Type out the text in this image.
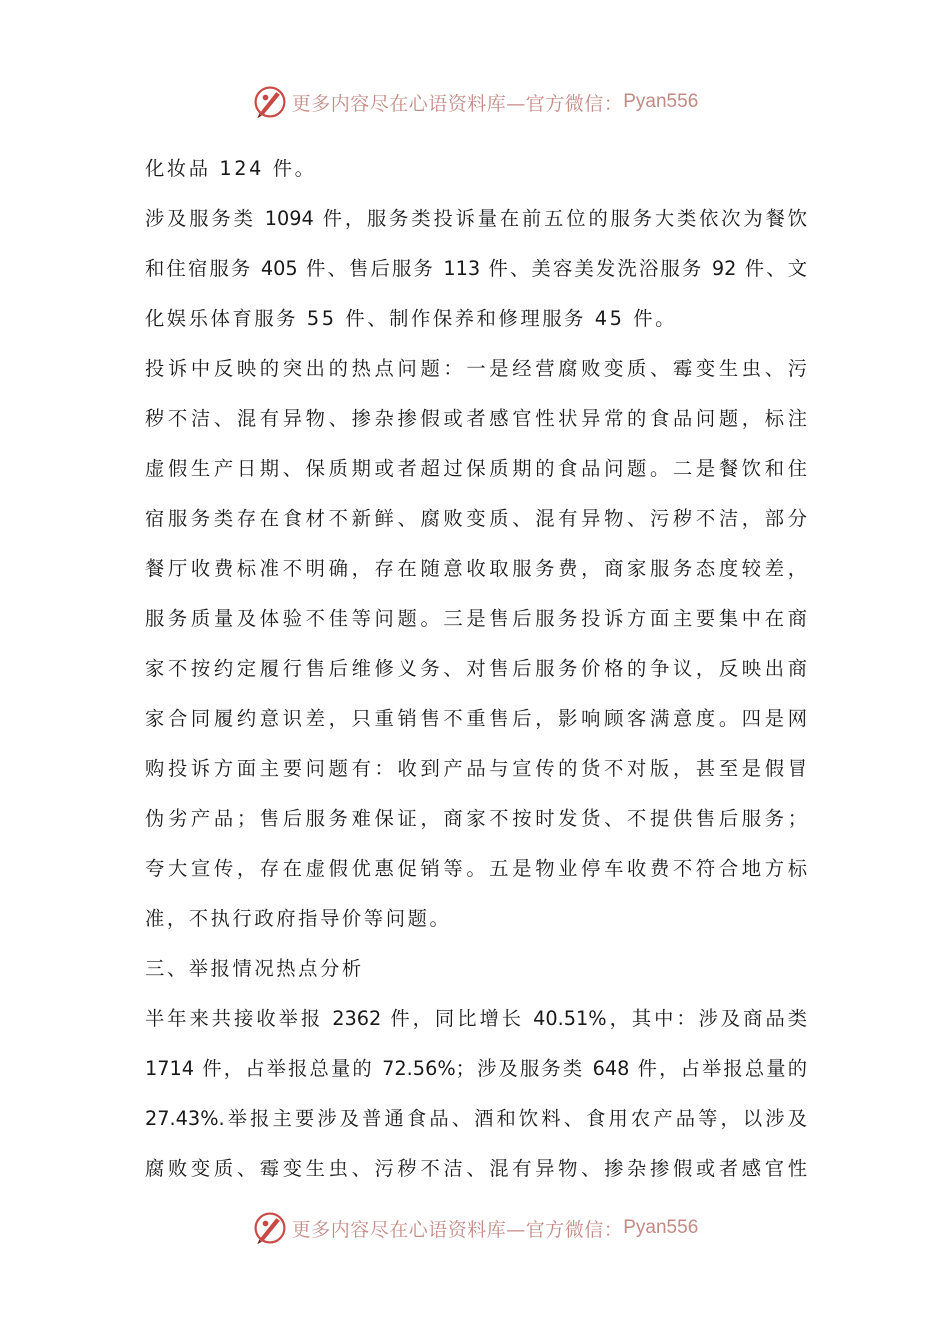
更多内容尽在心语资料库—官方微信： Pyan556
化妆品 124 件。
涉及服务类 1094 件，服务类投诉量在前五位的服务大类依次为餐饮
和住宿服务 405 件、售后服务 113 件、美容美发洗浴服务 92 件、文
化娱乐体育服务 55 件、制作保养和修理服务 45 件。
投诉中反映的突出的热点问题：一是经营腐败变质、霉变生虫、污
秽不洁、混有异物、掺杂掺假或者感官性状异常的食品问题，标注
虚假生产日期、保质期或者超过保质期的食品问题。二是餐饮和住
宿服务类存在食材不新鲜、腐败变质、混有异物、污秽不洁，部分
餐厅收费标准不明确，存在随意收取服务费，商家服务态度较差，
服务质量及体验不佳等问题。三是售后服务投诉方面主要集中在商
家不按约定履行售后维修义务、对售后服务价格的争议，反映出商
家合同履约意识差，只重销售不重售后，影响顾客满意度。四是网
购投诉方面主要问题有：收到产品与宣传的货不对版，甚至是假冒
伪劣产品；售后服务难保证，商家不按时发货、不提供售后服务；
夸大宣传，存在虚假优惠促销等。五是物业停车收费不符合地方标
准，不执行政府指导价等问题。
三、举报情况热点分析
半年来共接收举报 2362 件，同比增长 40.51%，其中：涉及商品类
1714 件，占举报总量的 72.56%；涉及服务类 648 件，占举报总量的
27.43%.举报主要涉及普通食品、酒和饮料、食用农产品等，以涉及
腐败变质、霉变生虫、污秽不洁、混有异物、掺杂掺假或者感官性
更多内容尽在心语资料库—官方微信： Pyan556
